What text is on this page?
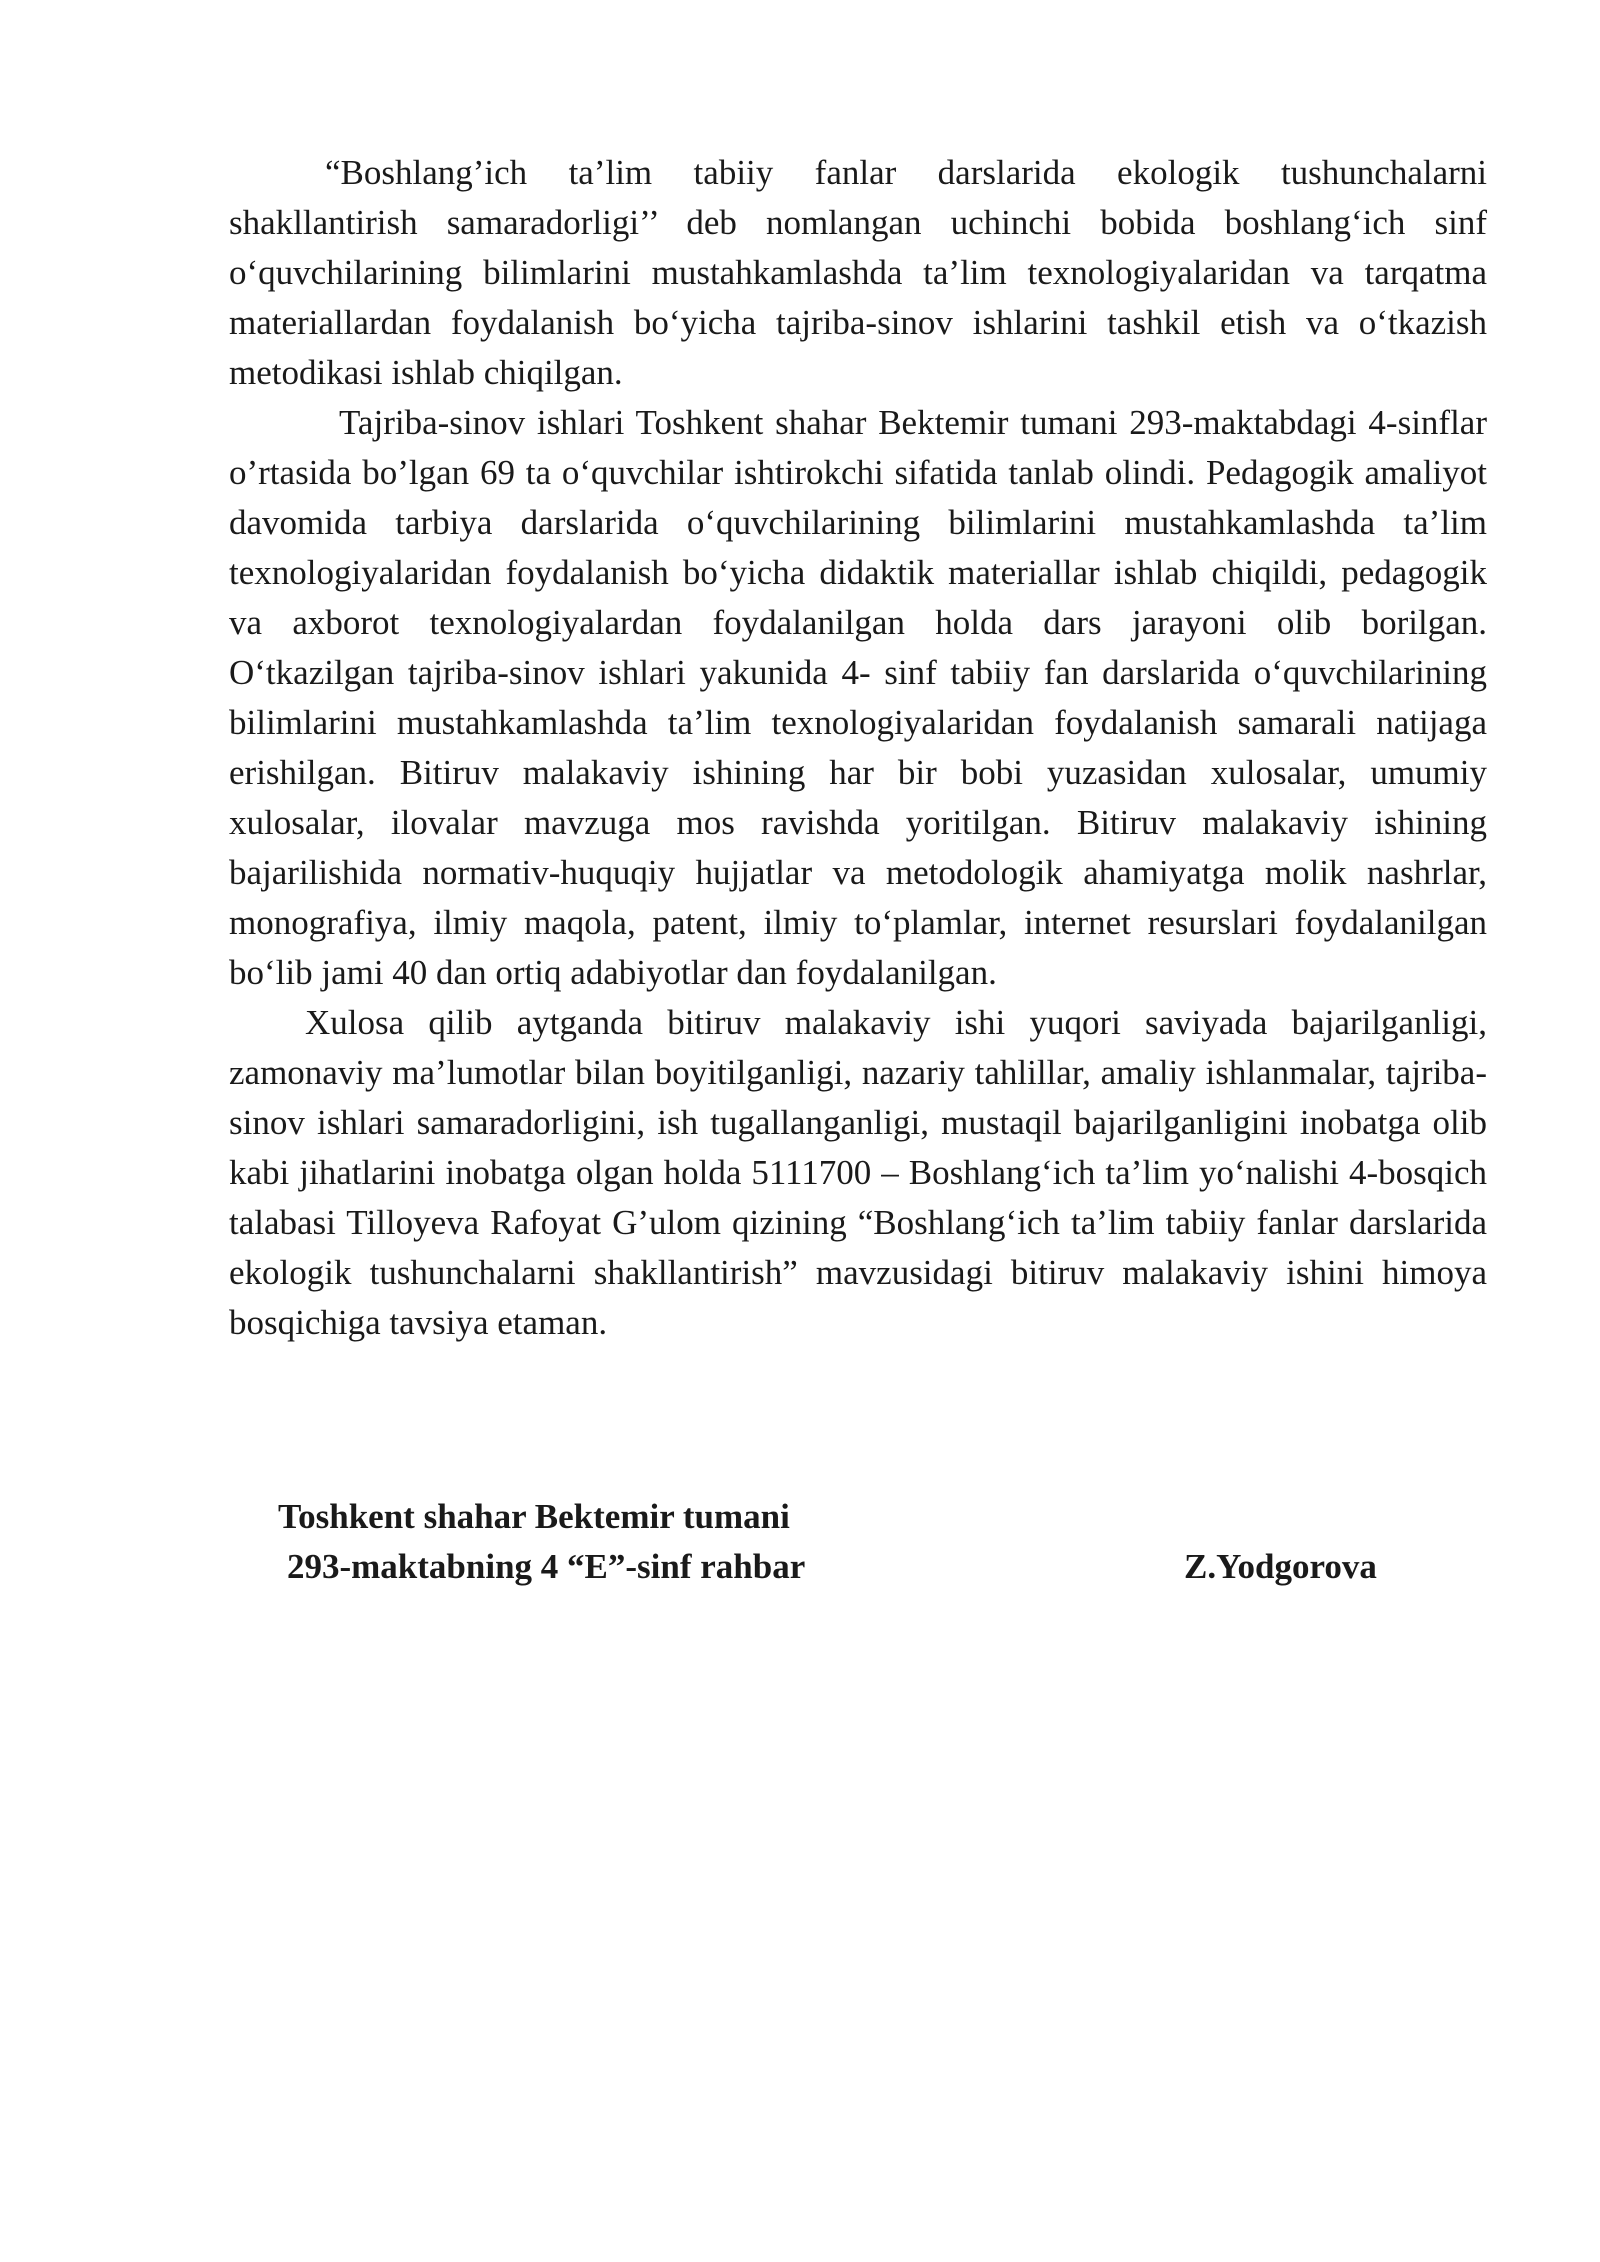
“Boshlang’ich ta’lim tabiiy fanlar darslarida ekologik tushunchalarni shakllantirish samaradorligi’’ deb nomlangan uchinchi bobida boshlang‘ich sinf o‘quvchilarining bilimlarini mustahkamlashda ta’lim texnologiyalaridan va tarqatma materiallardan foydalanish bo‘yicha tajriba-sinov ishlarini tashkil etish va o‘tkazish metodikasi ishlab chiqilgan.

Tajriba-sinov ishlari Toshkent shahar Bektemir tumani 293-maktabdagi 4-sinflar o’rtasida bo’lgan 69 ta o‘quvchilar ishtirokchi sifatida tanlab olindi. Pedagogik amaliyot davomida tarbiya darslarida o‘quvchilarining bilimlarini mustahkamlashda ta’lim texnologiyalaridan foydalanish bo‘yicha didaktik materiallar ishlab chiqildi, pedagogik va axborot texnologiyalardan foydalanilgan holda dars jarayoni olib borilgan. O‘tkazilgan tajriba-sinov ishlari yakunida 4- sinf tabiiy fan darslarida o‘quvchilarining bilimlarini mustahkamlashda ta’lim texnologiyalaridan foydalanish samarali natijaga erishilgan. Bitiruv malakaviy ishining har bir bobi yuzasidan xulosalar, umumiy xulosalar, ilovalar mavzuga mos ravishda yoritilgan. Bitiruv malakaviy ishining bajarilishida normativ-huquqiy hujjatlar va metodologik ahamiyatga molik nashrlar, monografiya, ilmiy maqola, patent, ilmiy to‘plamlar, internet resurslari foydalanilgan bo‘lib jami 40 dan ortiq adabiyotlar dan foydalanilgan.

Xulosa qilib aytganda bitiruv malakaviy ishi yuqori saviyada bajarilganligi, zamonaviy ma’lumotlar bilan boyitilganligi, nazariy tahlillar, amaliy ishlanmalar, tajriba-sinov ishlari samaradorligini, ish tugallanganligi, mustaqil bajarilganligini inobatga olib kabi jihatlarini inobatga olgan holda 5111700 – Boshlang‘ich ta’lim yo‘nalishi 4-bosqich talabasi Tilloyeva Rafoyat G’ulom qizining “Boshlang‘ich ta’lim tabiiy fanlar darslarida ekologik tushunchalarni shakllantirish” mavzusidagi bitiruv malakaviy ishini himoya bosqichiga tavsiya etaman.

Toshkent shahar Bektemir tumani
293-maktabning 4 “E”-sinf rahbar	Z.Yodgorova
